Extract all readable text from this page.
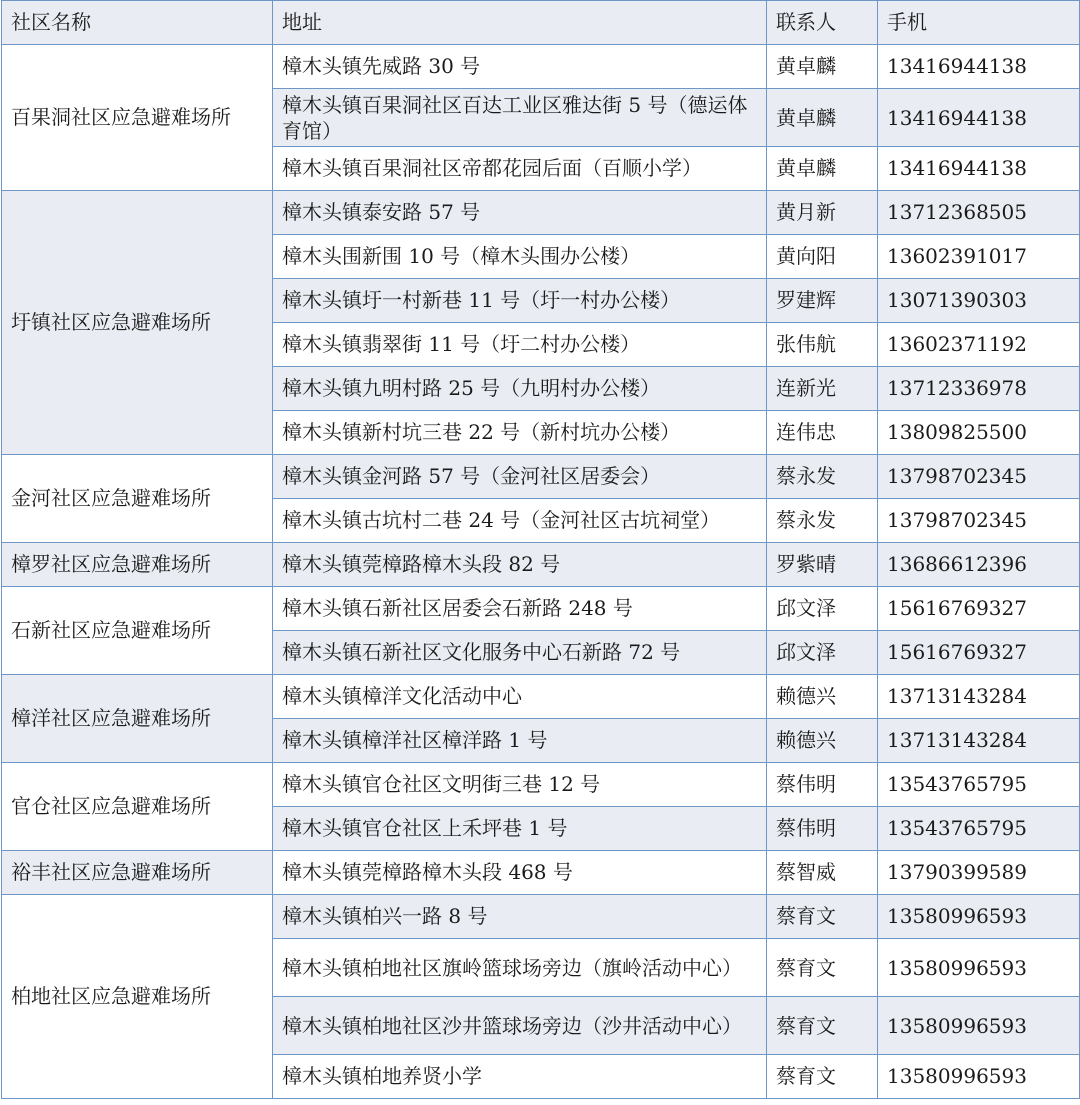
社区名称	地址	联系人	手机
百果洞社区应急避难场所	樟木头镇先威路 30 号	黄卓麟	13416944138
	樟木头镇百果洞社区百达工业区雅达街 5 号（德运体育馆）	黄卓麟	13416944138
	樟木头镇百果洞社区帝都花园后面（百顺小学）	黄卓麟	13416944138
圩镇社区应急避难场所	樟木头镇泰安路 57 号	黄月新	13712368505
	樟木头围新围 10 号（樟木头围办公楼）	黄向阳	13602391017
	樟木头镇圩一村新巷 11 号（圩一村办公楼）	罗建辉	13071390303
	樟木头镇翡翠街 11 号（圩二村办公楼）	张伟航	13602371192
	樟木头镇九明村路 25 号（九明村办公楼）	连新光	13712336978
	樟木头镇新村坑三巷 22 号（新村坑办公楼）	连伟忠	13809825500
金河社区应急避难场所	樟木头镇金河路 57 号（金河社区居委会）	蔡永发	13798702345
	樟木头镇古坑村二巷 24 号（金河社区古坑祠堂）	蔡永发	13798702345
樟罗社区应急避难场所	樟木头镇莞樟路樟木头段 82 号	罗紫晴	13686612396
石新社区应急避难场所	樟木头镇石新社区居委会石新路 248 号	邱文泽	15616769327
	樟木头镇石新社区文化服务中心石新路 72 号	邱文泽	15616769327
樟洋社区应急避难场所	樟木头镇樟洋文化活动中心	赖德兴	13713143284
	樟木头镇樟洋社区樟洋路 1 号	赖德兴	13713143284
官仓社区应急避难场所	樟木头镇官仓社区文明街三巷 12 号	蔡伟明	13543765795
	樟木头镇官仓社区上禾坪巷 1 号	蔡伟明	13543765795
裕丰社区应急避难场所	樟木头镇莞樟路樟木头段 468 号	蔡智威	13790399589
柏地社区应急避难场所	樟木头镇柏兴一路 8 号	蔡育文	13580996593
	樟木头镇柏地社区旗岭篮球场旁边（旗岭活动中心）	蔡育文	13580996593
	樟木头镇柏地社区沙井篮球场旁边（沙井活动中心）	蔡育文	13580996593
	樟木头镇柏地养贤小学	蔡育文	13580996593
